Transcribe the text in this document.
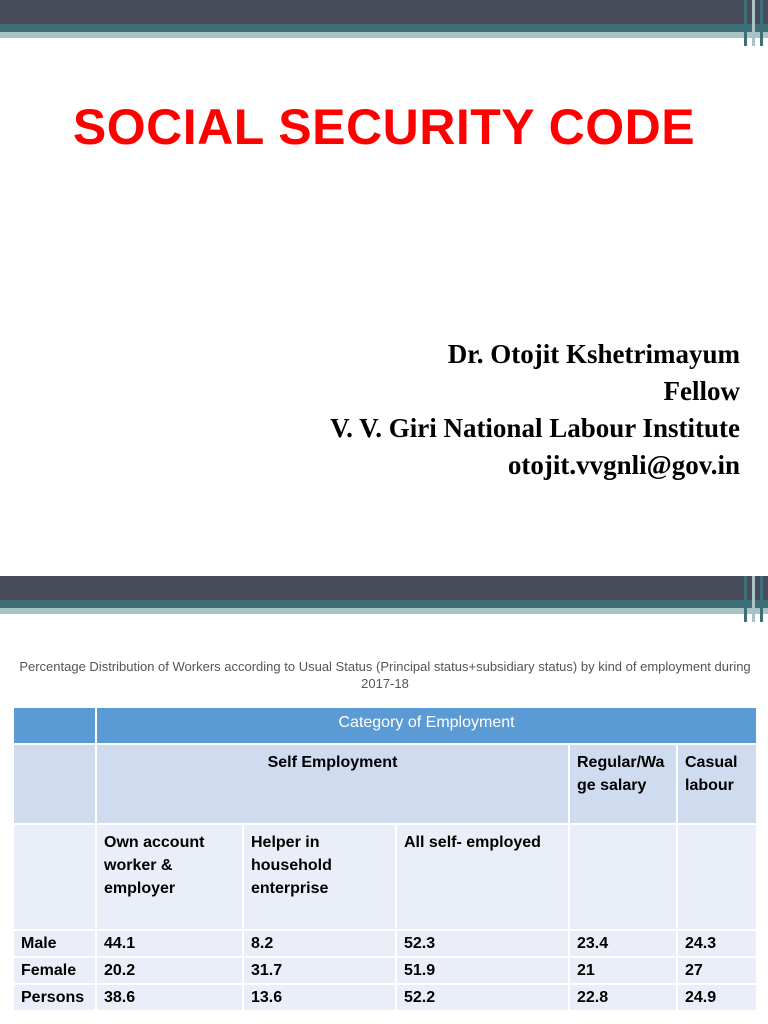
SOCIAL SECURITY CODE
Dr. Otojit Kshetrimayum
Fellow
V. V. Giri National Labour Institute
otojit.vvgnli@gov.in
Percentage Distribution of Workers according to Usual Status (Principal status+subsidiary status) by kind of employment during 2017-18
	Category of Employment				
	Self Employment			Regular/Wa ge salary	Casual labour
	Own account worker & employer	Helper in household enterprise	All self- employed		
Male	44.1	8.2	52.3	23.4	24.3
Female	20.2	31.7	51.9	21	27
Persons	38.6	13.6	52.2	22.8	24.9
